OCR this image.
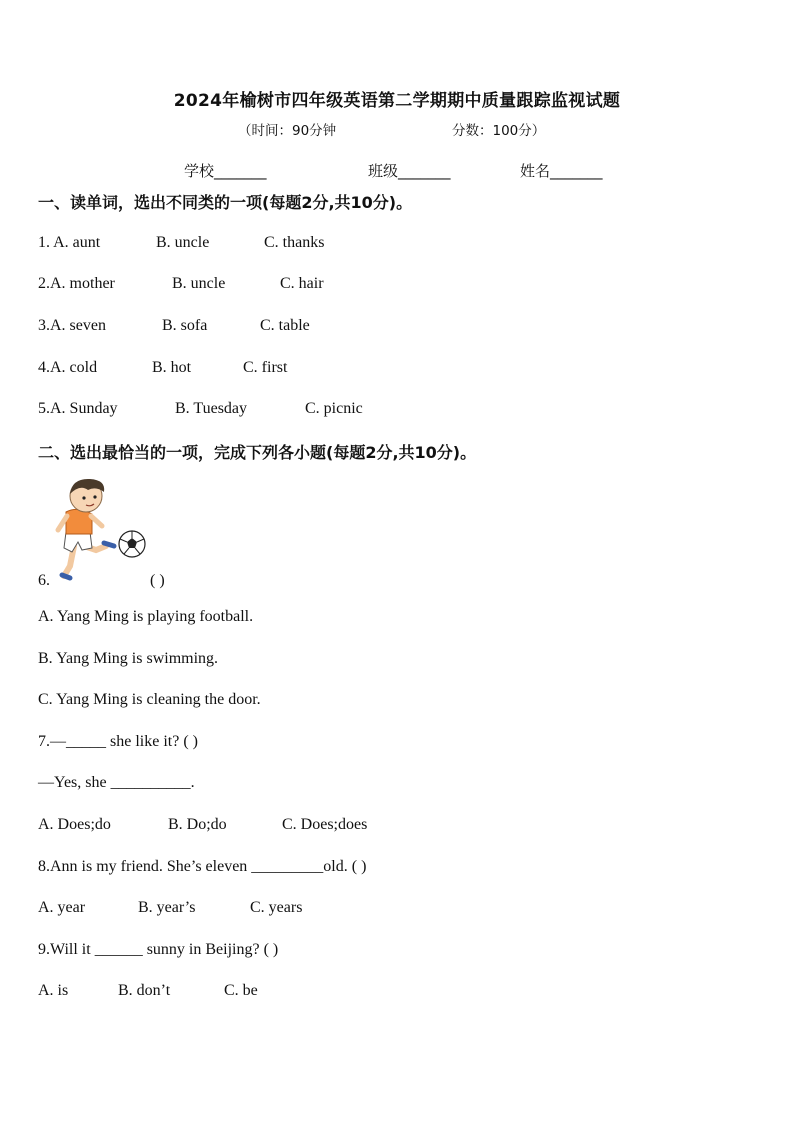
2024年榆树市四年级英语第二学期期中质量跟踪监视试题
（时间：90分钟	分数：100分）
学校_______	班级_______	姓名_______
一、读单词，选出不同类的一项(每题2分,共10分)。
1. A. aunt	B. uncle	C. thanks
2.A. mother	B. uncle	C. hair
3.A. seven	B. sofa	C. table
4.A. cold	B. hot	C. first
5.A. Sunday	B. Tuesday	C. picnic
二、选出最恰当的一项，完成下列各小题(每题2分,共10分)。
6.	( )
A. Yang Ming is playing football.
B. Yang Ming is swimming.
C. Yang Ming is cleaning the door.
7.—_____ she like it? ( )
—Yes, she __________.
A. Does;do	B. Do;do	C. Does;does
8.Ann is my friend. She’s eleven _________old. ( )
A. year	B. year’s	C. years
9.Will it ______ sunny in Beijing? ( )
A. is	B. don’t	C. be
